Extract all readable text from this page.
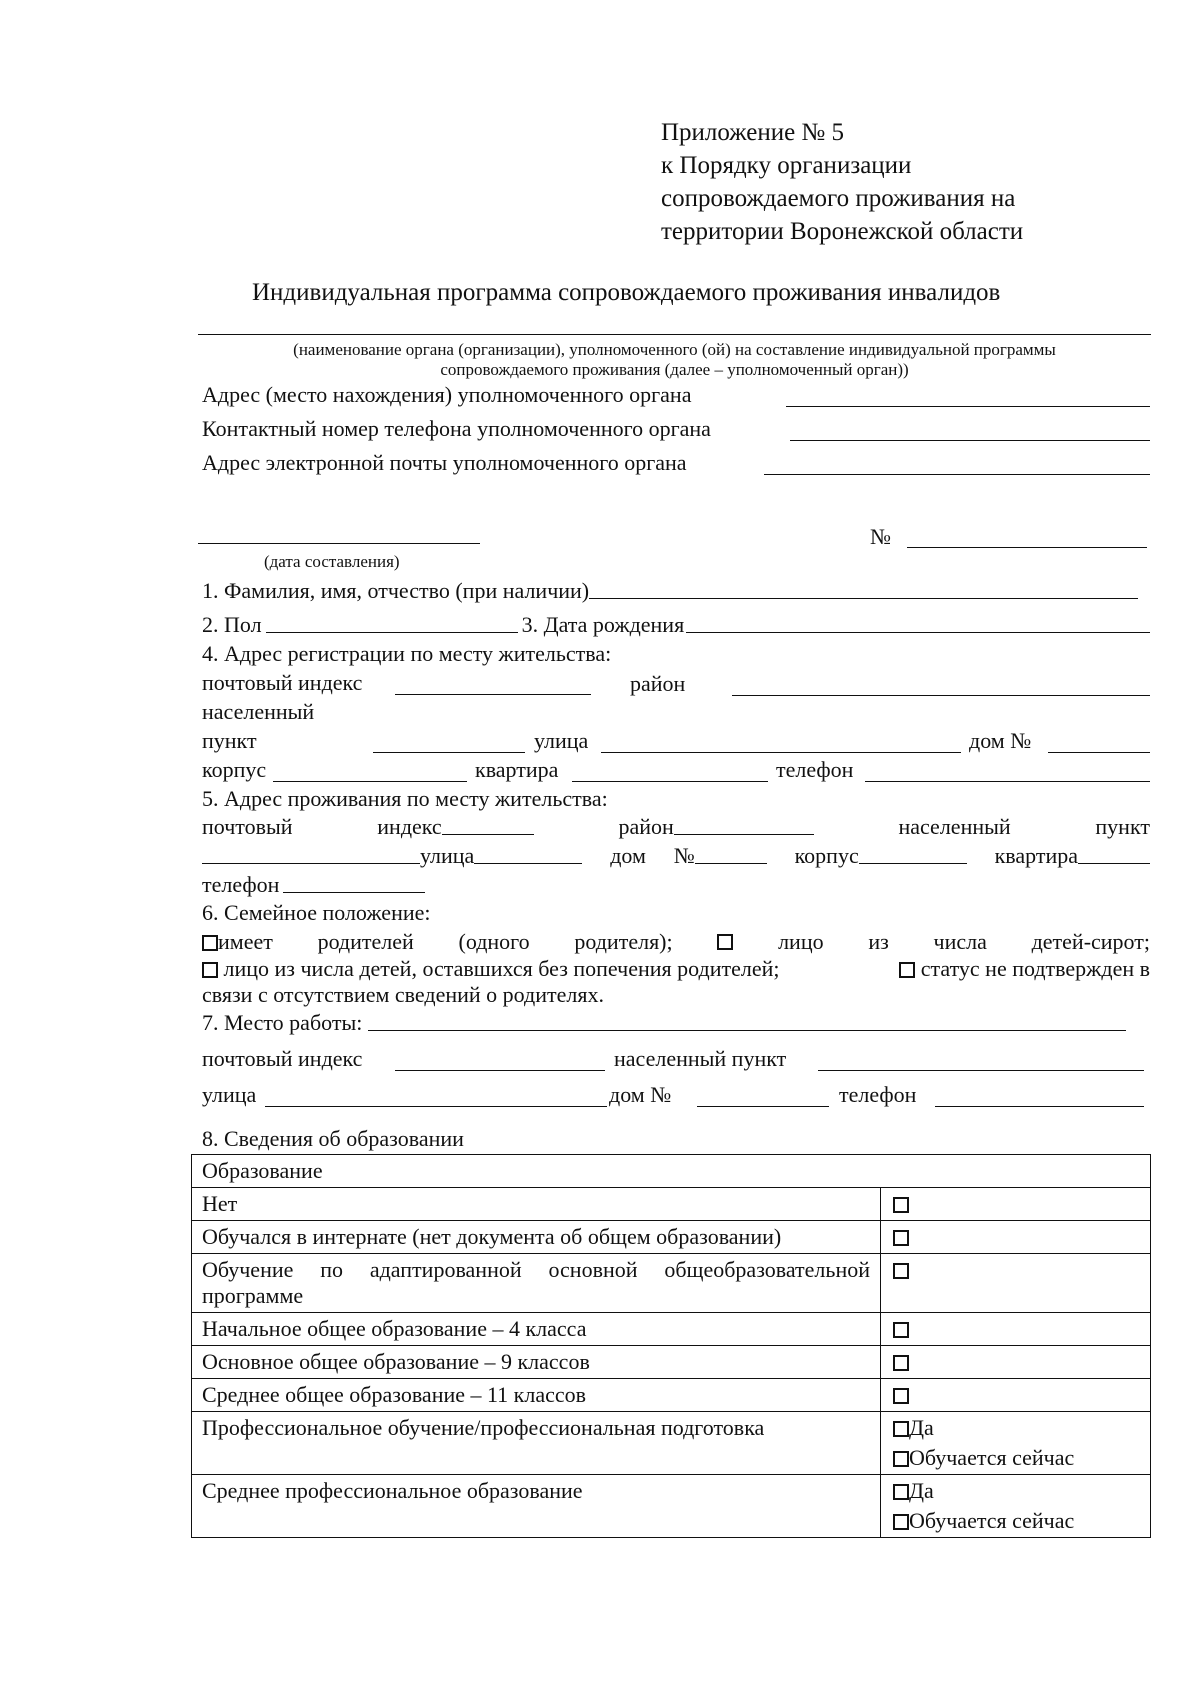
Приложение № 5
к Порядку организации
сопровождаемого проживания на
территории Воронежской области
Индивидуальная программа сопровождаемого проживания инвалидов
(наименование органа (организации), уполномоченного (ой) на составление индивидуальной программы
сопровождаемого проживания (далее – уполномоченный орган))
Адрес (место нахождения) уполномоченного органа
Контактный номер телефона уполномоченного органа
Адрес электронной почты уполномоченного органа
(дата составления)
№
1. Фамилия, имя, отчество (при наличии)
2. Пол	3. Дата рождения
4. Адрес регистрации по месту жительства:
почтовый индекс	район
населенный
пункт	улица	дом №
корпус	квартира	телефон
5. Адрес проживания по месту жительства:
почтовый	индекс	район	населенный	пункт
улица	дом №	корпус	квартира
телефон
6. Семейное положение:
имеет родителей (одного родителя);	лицо из числа детей-сирот;
лицо из числа детей, оставшихся без попечения родителей;	статус не подтвержден в
связи с отсутствием сведений о родителях.
7. Место работы:
почтовый индекс	населенный пункт
улица	дом №	телефон
8. Сведения об образовании
Образование	
Нет	
Обучался в интернате (нет документа об общем образовании)	
Обучение по адаптированной основной общеобразовательной программе	
Начальное общее образование – 4 класса	
Основное общее образование – 9 классов	
Среднее общее образование – 11 классов	
Профессиональное обучение/профессиональная подготовка	Да
Обучается сейчас

Среднее профессиональное образование	Да
Обучается сейчас
